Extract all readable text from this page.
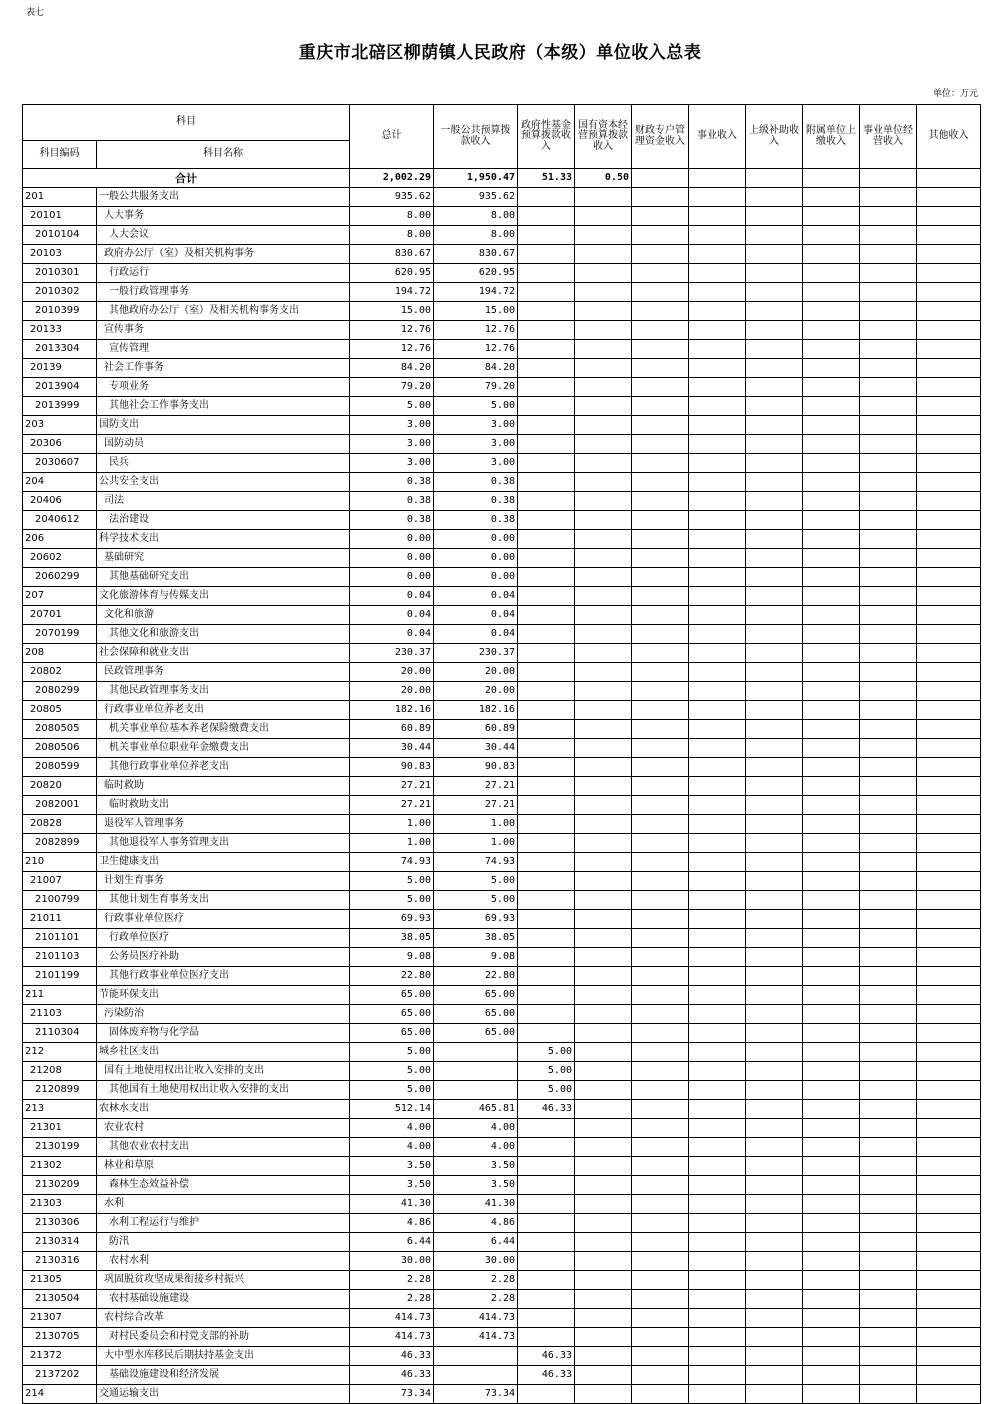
表七
重庆市北碚区柳荫镇人民政府（本级）单位收入总表
单位：万元
科目		总计	一般公共预算拨款收入	政府性基金预算拨款收入	国有资本经营预算拨款收入	财政专户管理资金收入	事业收入	上级补助收入	附属单位上缴收入	事业单位经营收入	其他收入
科目编码	科目名称										
合计		2,002.29	1,950.47	51.33	0.50						
201	一般公共服务支出	935.62	935.62								
20101	人大事务	8.00	8.00								
2010104	人大会议	8.00	8.00								
20103	政府办公厅（室）及相关机构事务	830.67	830.67								
2010301	行政运行	620.95	620.95								
2010302	一般行政管理事务	194.72	194.72								
2010399	其他政府办公厅（室）及相关机构事务支出	15.00	15.00								
20133	宣传事务	12.76	12.76								
2013304	宣传管理	12.76	12.76								
20139	社会工作事务	84.20	84.20								
2013904	专项业务	79.20	79.20								
2013999	其他社会工作事务支出	5.00	5.00								
203	国防支出	3.00	3.00								
20306	国防动员	3.00	3.00								
2030607	民兵	3.00	3.00								
204	公共安全支出	0.38	0.38								
20406	司法	0.38	0.38								
2040612	法治建设	0.38	0.38								
206	科学技术支出	0.00	0.00								
20602	基础研究	0.00	0.00								
2060299	其他基础研究支出	0.00	0.00								
207	文化旅游体育与传媒支出	0.04	0.04								
20701	文化和旅游	0.04	0.04								
2070199	其他文化和旅游支出	0.04	0.04								
208	社会保障和就业支出	230.37	230.37								
20802	民政管理事务	20.00	20.00								
2080299	其他民政管理事务支出	20.00	20.00								
20805	行政事业单位养老支出	182.16	182.16								
2080505	机关事业单位基本养老保险缴费支出	60.89	60.89								
2080506	机关事业单位职业年金缴费支出	30.44	30.44								
2080599	其他行政事业单位养老支出	90.83	90.83								
20820	临时救助	27.21	27.21								
2082001	临时救助支出	27.21	27.21								
20828	退役军人管理事务	1.00	1.00								
2082899	其他退役军人事务管理支出	1.00	1.00								
210	卫生健康支出	74.93	74.93								
21007	计划生育事务	5.00	5.00								
2100799	其他计划生育事务支出	5.00	5.00								
21011	行政事业单位医疗	69.93	69.93								
2101101	行政单位医疗	38.05	38.05								
2101103	公务员医疗补助	9.08	9.08								
2101199	其他行政事业单位医疗支出	22.80	22.80								
211	节能环保支出	65.00	65.00								
21103	污染防治	65.00	65.00								
2110304	固体废弃物与化学品	65.00	65.00								
212	城乡社区支出	5.00		5.00							
21208	国有土地使用权出让收入安排的支出	5.00		5.00							
2120899	其他国有土地使用权出让收入安排的支出	5.00		5.00							
213	农林水支出	512.14	465.81	46.33							
21301	农业农村	4.00	4.00								
2130199	其他农业农村支出	4.00	4.00								
21302	林业和草原	3.50	3.50								
2130209	森林生态效益补偿	3.50	3.50								
21303	水利	41.30	41.30								
2130306	水利工程运行与维护	4.86	4.86								
2130314	防汛	6.44	6.44								
2130316	农村水利	30.00	30.00								
21305	巩固脱贫攻坚成果衔接乡村振兴	2.28	2.28								
2130504	农村基础设施建设	2.28	2.28								
21307	农村综合改革	414.73	414.73								
2130705	对村民委员会和村党支部的补助	414.73	414.73								
21372	大中型水库移民后期扶持基金支出	46.33		46.33							
2137202	基础设施建设和经济发展	46.33		46.33							
214	交通运输支出	73.34	73.34								
